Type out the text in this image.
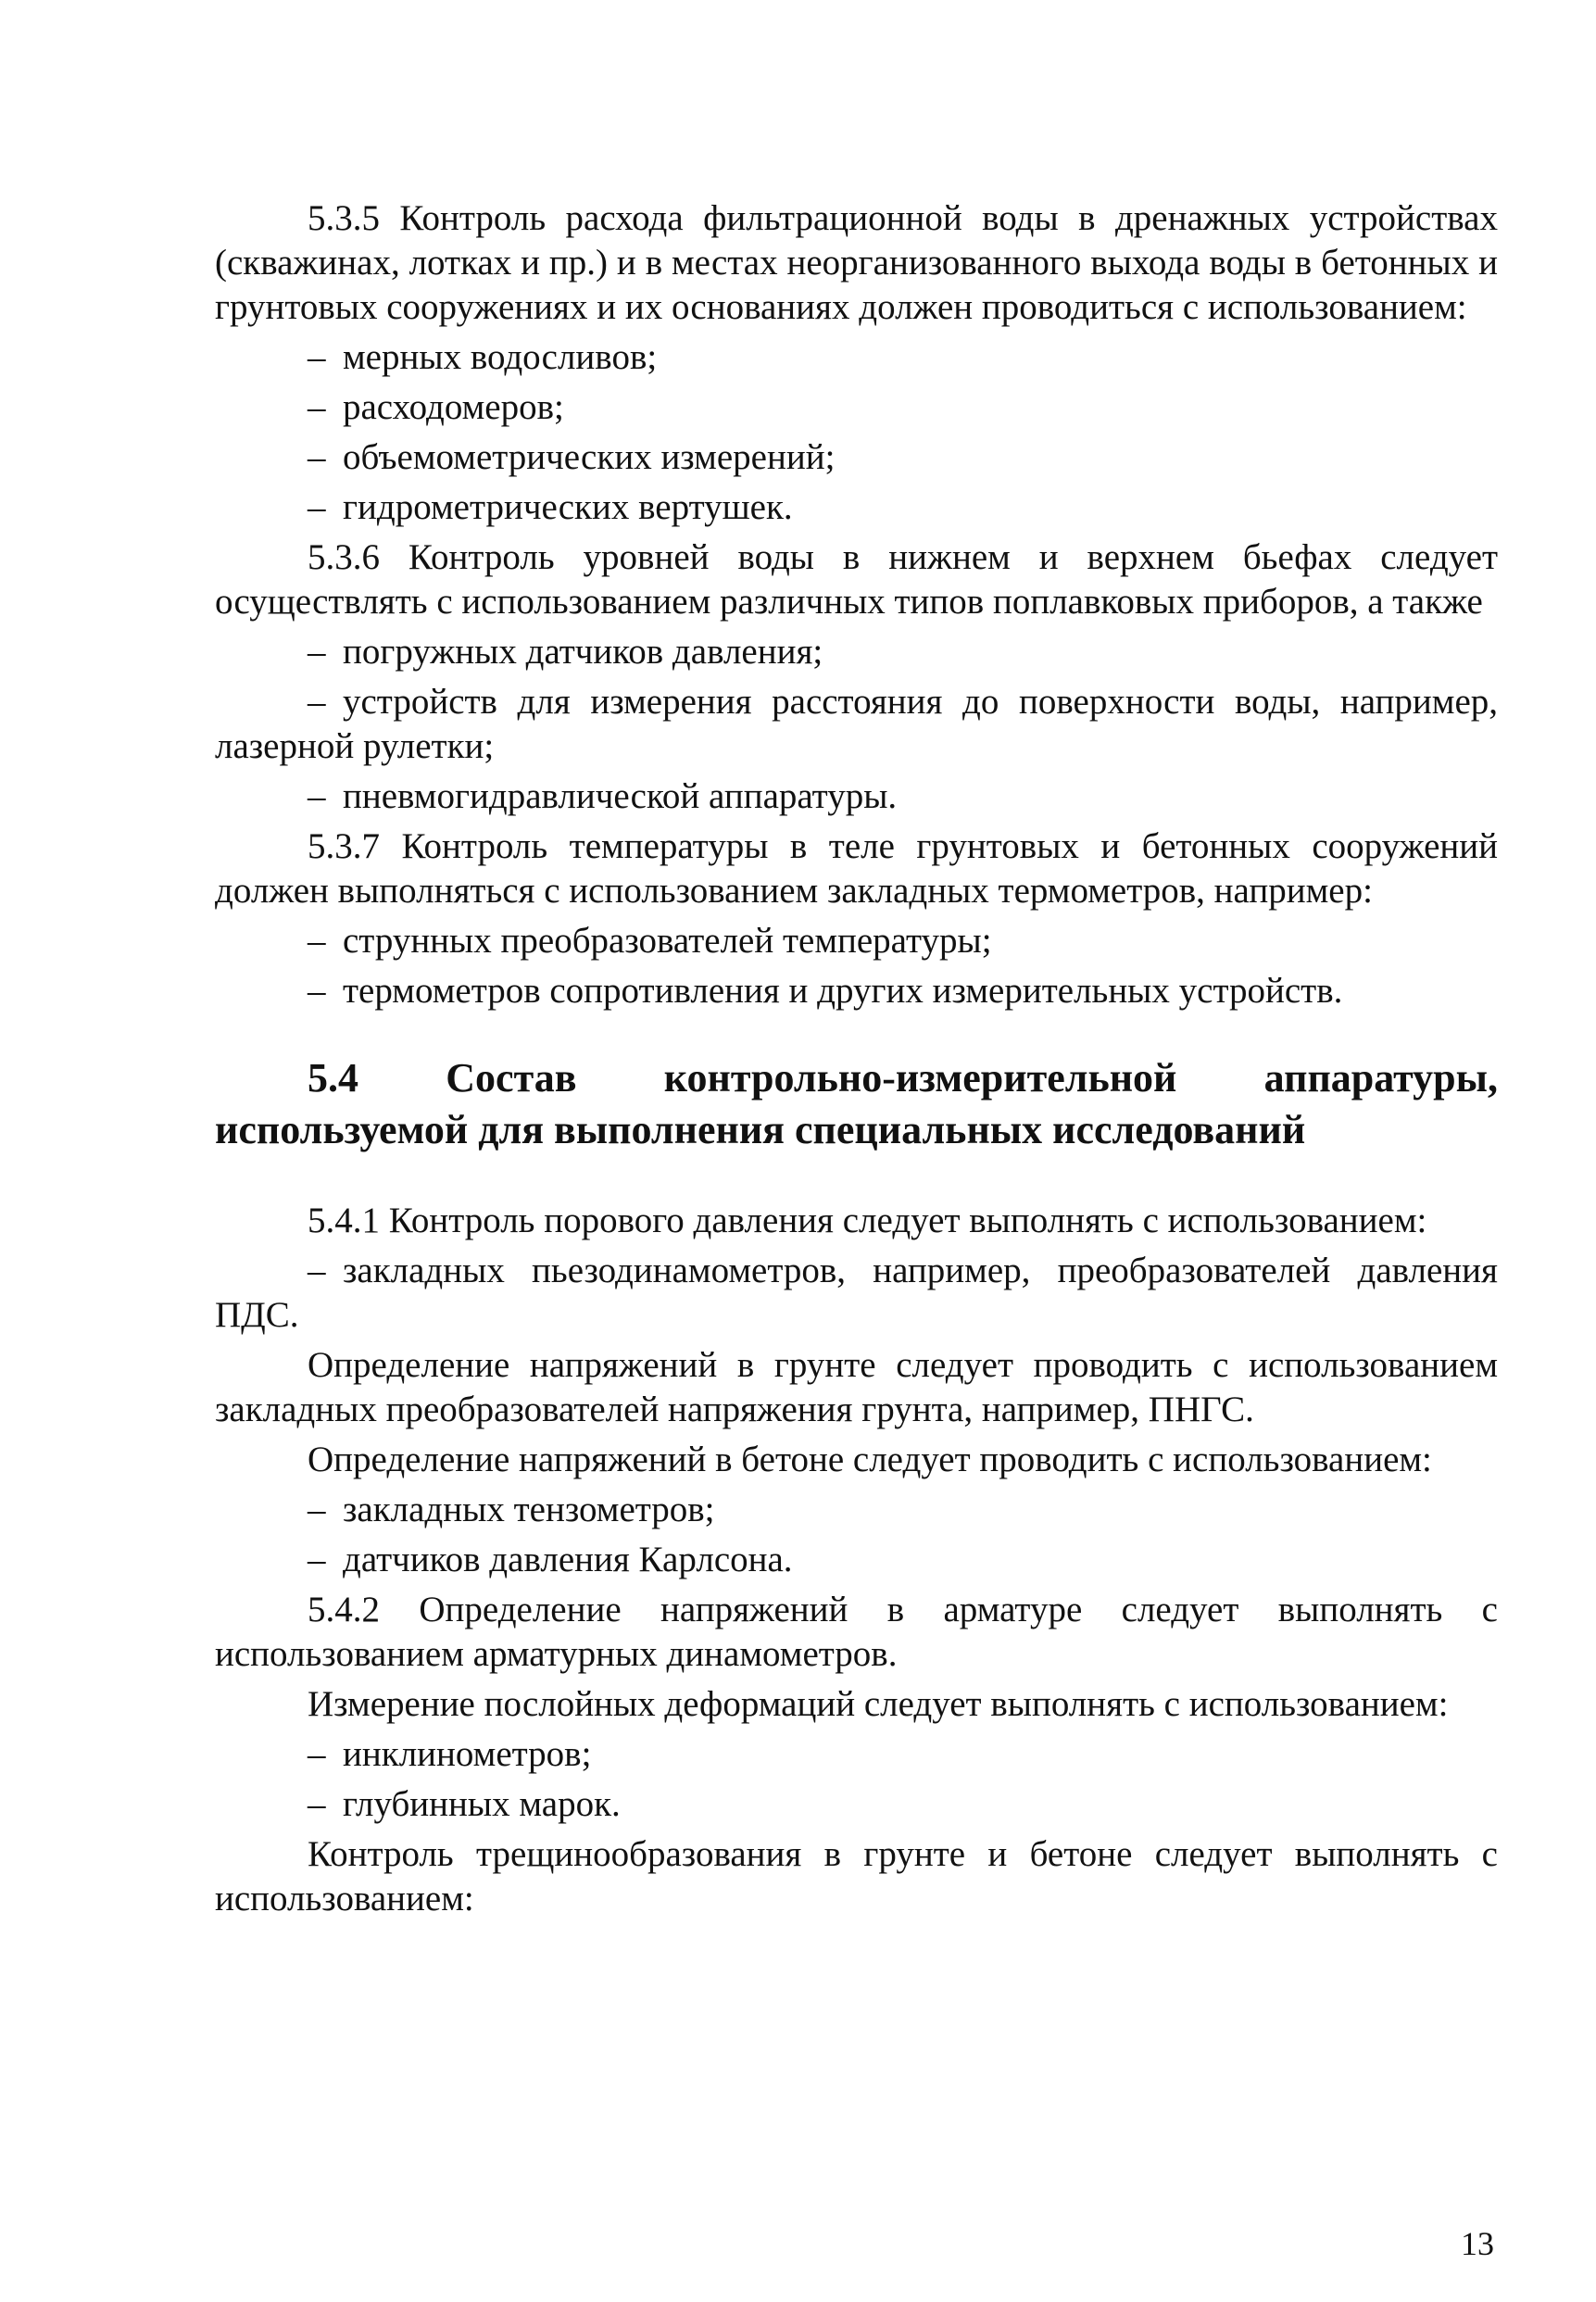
5.3.5 Контроль расхода фильтрационной воды в дренажных устройствах (скважинах, лотках и пр.) и в местах неорганизованного выхода воды в бетонных и грунтовых сооружениях и их основаниях должен проводиться с использованием:

– мерных водосливов;

– расходомеров;

– объемометрических измерений;

– гидрометрических вертушек.

5.3.6 Контроль уровней воды в нижнем и верхнем бьефах следует осуществлять с использованием различных типов поплавковых приборов, а также

– погружных датчиков давления;

– устройств для измерения расстояния до поверхности воды, например, лазерной рулетки;

– пневмогидравлической аппаратуры.

5.3.7 Контроль температуры в теле грунтовых и бетонных сооружений должен выполняться с использованием закладных термометров, например:

– струнных преобразователей температуры;

– термометров сопротивления и других измерительных устройств.

5.4 Состав контрольно-измерительной аппаратуры, используемой для выполнения специальных исследований

5.4.1 Контроль порового давления следует выполнять с использованием:

– закладных пьезодинамометров, например, преобразователей давления ПДС.

Определение напряжений в грунте следует проводить с использованием закладных преобразователей напряжения грунта, например, ПНГС.

Определение напряжений в бетоне следует проводить с использованием:

– закладных тензометров;

– датчиков давления Карлсона.

5.4.2 Определение напряжений в арматуре следует выполнять с использованием арматурных динамометров.

Измерение послойных деформаций следует выполнять с использованием:

– инклинометров;

– глубинных марок.

Контроль трещинообразования в грунте и бетоне следует выполнять с использованием:

13
